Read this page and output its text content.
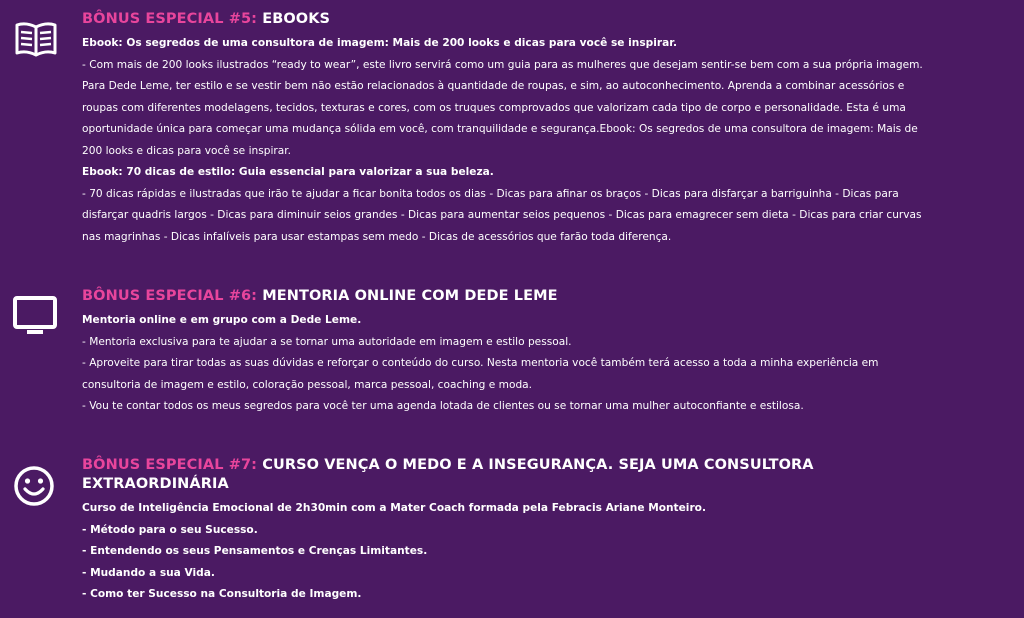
BÔNUS ESPECIAL #5: EBOOKS

Ebook: Os segredos de uma consultora de imagem: Mais de 200 looks e dicas para você se inspirar.

- Com mais de 200 looks ilustrados “ready to wear”, este livro servirá como um guia para as mulheres que desejam sentir-se bem com a sua própria imagem. Para Dede Leme, ter estilo e se vestir bem não estão relacionados à quantidade de roupas, e sim, ao autoconhecimento. Aprenda a combinar acessórios e roupas com diferentes modelagens, tecidos, texturas e cores, com os truques comprovados que valorizam cada tipo de corpo e personalidade. Esta é uma oportunidade única para começar uma mudança sólida em você, com tranquilidade e segurança.Ebook: Os segredos de uma consultora de imagem: Mais de 200 looks e dicas para você se inspirar.

Ebook: 70 dicas de estilo: Guia essencial para valorizar a sua beleza.

- 70 dicas rápidas e ilustradas que irão te ajudar a ficar bonita todos os dias - Dicas para afinar os braços - Dicas para disfarçar a barriguinha - Dicas para disfarçar quadris largos - Dicas para diminuir seios grandes - Dicas para aumentar seios pequenos - Dicas para emagrecer sem dieta - Dicas para criar curvas nas magrinhas - Dicas infalíveis para usar estampas sem medo - Dicas de acessórios que farão toda diferença.

BÔNUS ESPECIAL #6: MENTORIA ONLINE COM DEDE LEME

Mentoria online e em grupo com a Dede Leme.

- Mentoria exclusiva para te ajudar a se tornar uma autoridade em imagem e estilo pessoal.

- Aproveite para tirar todas as suas dúvidas e reforçar o conteúdo do curso. Nesta mentoria você também terá acesso a toda a minha experiência em consultoria de imagem e estilo, coloração pessoal, marca pessoal, coaching e moda.

- Vou te contar todos os meus segredos para você ter uma agenda lotada de clientes ou se tornar uma mulher autoconfiante e estilosa.

BÔNUS ESPECIAL #7: CURSO VENÇA O MEDO E A INSEGURANÇA. SEJA UMA CONSULTORA EXTRAORDINÁRIA

Curso de Inteligência Emocional de 2h30min com a Mater Coach formada pela Febracis Ariane Monteiro.

- Método para o seu Sucesso.

- Entendendo os seus Pensamentos e Crenças Limitantes.

- Mudando a sua Vida.

- Como ter Sucesso na Consultoria de Imagem.
